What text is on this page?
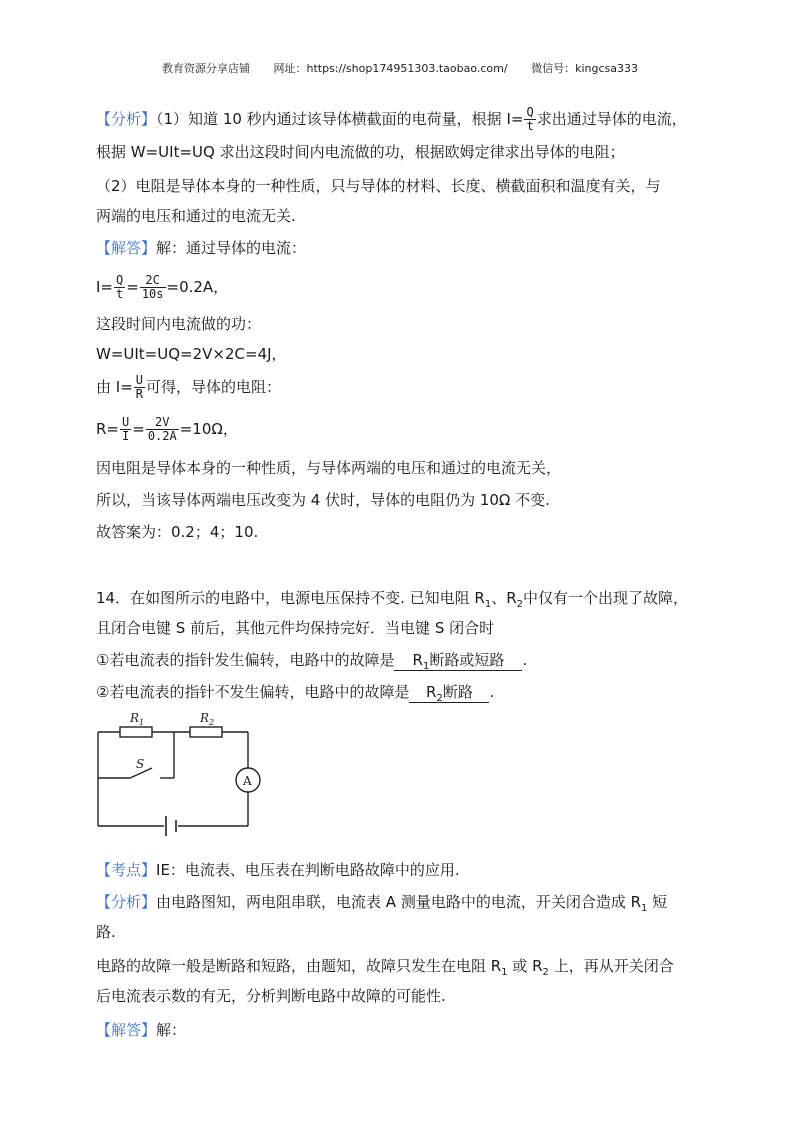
教育资源分享店铺 网址：https://shop174951303.taobao.com/ 微信号：kingcsa333
【分析】（1）知道 10 秒内通过该导体横截面的电荷量，根据 $I= \frac{Q}{t}$ 求出通过导体的电流，
根据 W=UIt=UQ 求出这段时间内电流做的功，根据欧姆定律求出导体的电阻；
（2）电阻是导体本身的一种性质，只与导体的材料、长度、横截面积和温度有关，与
两端的电压和通过的电流无关.
【解答】解：通过导体的电流：
$I= \frac{Q}{t} = \frac{2C}{10s} =0.2A$，
这段时间内电流做的功：
W=UIt=UQ=2V×2C=4J，
由 $I= \frac{U}{R}$ 可得，导体的电阻：
$R= \frac{U}{I} = \frac{2V}{0.2A} =10\Omega$，
因电阻是导体本身的一种性质，与导体两端的电压和通过的电流无关，
所以，当该导体两端电压改变为 4 伏时，导体的电阻仍为 10Ω 不变.
故答案为：0.2；4；10.
14．在如图所示的电路中，电源电压保持不变. 已知电阻 $R_1$、$R_2$中仅有一个出现了故障，
且闭合电键 S 前后，其他元件均保持完好．当电键 S 闭合时
①若电流表的指针发生偏转，电路中的故障是 $R_1$断路或短路 .
②若电流表的指针不发生偏转，电路中的故障是 $R_2$断路 .
$R_1$	$R_2$
S
A
【考点】IE：电流表、电压表在判断电路故障中的应用.
【分析】由电路图知，两电阻串联，电流表 A 测量电路中的电流，开关闭合造成 $R_1$ 短
路.
电路的故障一般是断路和短路，由题知，故障只发生在电阻 $R_1$ 或 $R_2$ 上，再从开关闭合
后电流表示数的有无，分析判断电路中故障的可能性.
【解答】解：
